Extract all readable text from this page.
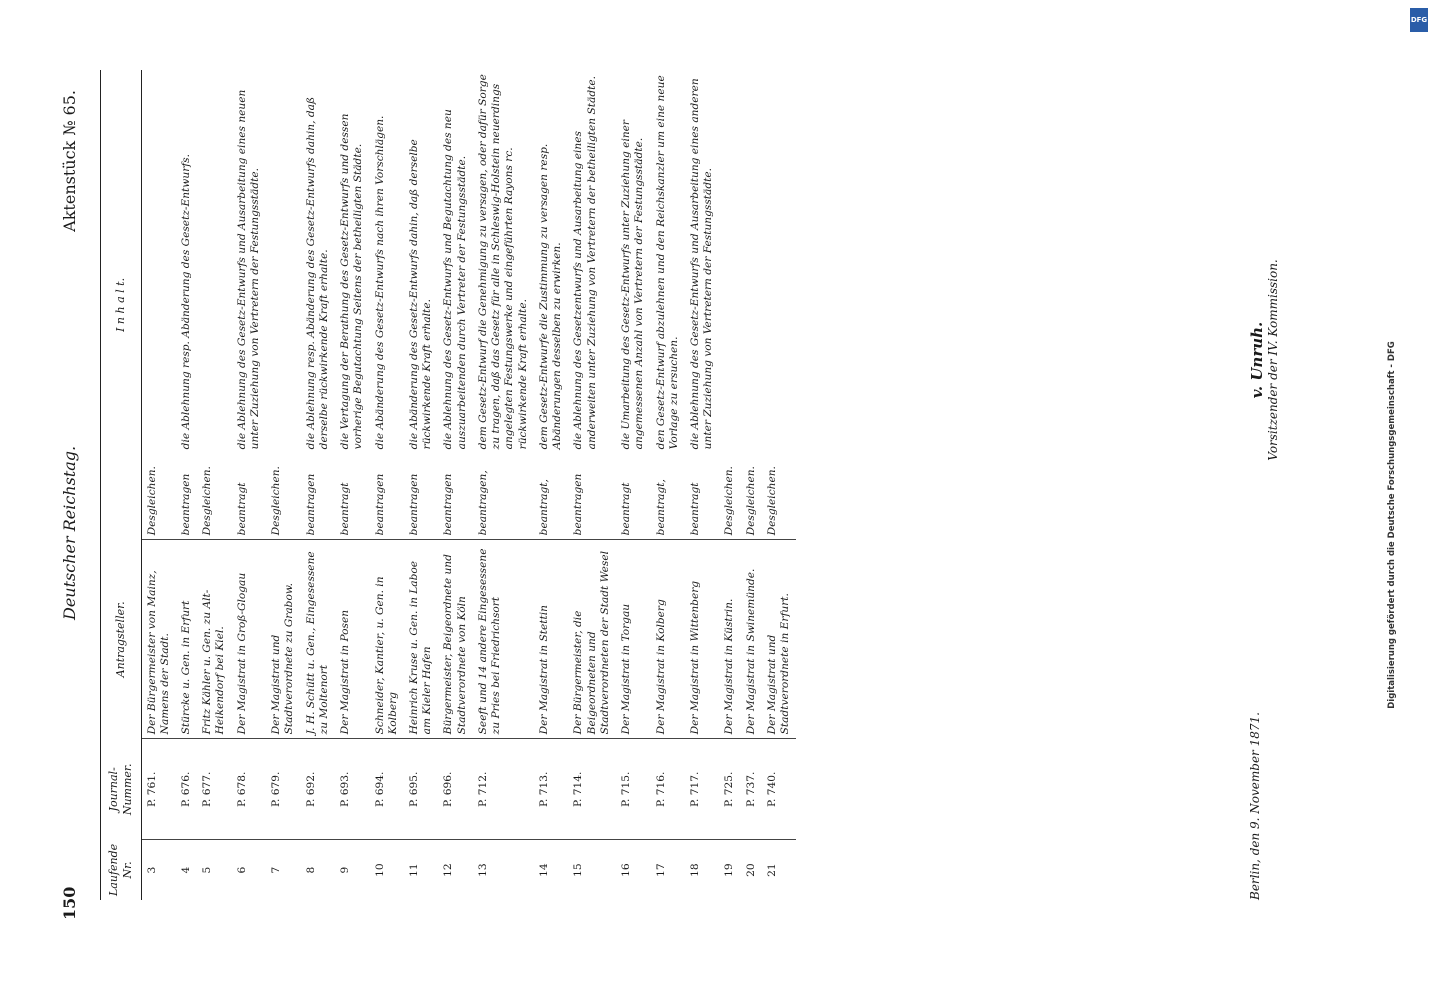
150
Deutscher Reichstag.
Aktenstück № 65.
Laufende Nr.	Journal-Nummer.	Antragsteller.	I n h a l t.	
3	P. 761.	Der Bürgermeister von Mainz, Namens der Stadt.	Desgleichen.	
4	P. 676.	Stürcke u. Gen. in Erfurt	beantragen	die Ablehnung resp. Abänderung des Gesetz-Entwurfs.
5	P. 677.	Fritz Kähler u. Gen. zu Alt-Heikendorf bei Kiel.	Desgleichen.	
6	P. 678.	Der Magistrat in Groß-Glogau	beantragt	die Ablehnung des Gesetz-Entwurfs und Ausarbeitung eines neuen unter Zuziehung von Vertretern der Festungsstädte.
7	P. 679.	Der Magistrat und Stadtverordnete zu Grabow.	Desgleichen.	
8	P. 692.	J. H. Schütt u. Gen., Eingesessene zu Moltenort	beantragen	die Ablehnung resp. Abänderung des Gesetz-Entwurfs dahin, daß derselbe rückwirkende Kraft erhalte.
9	P. 693.	Der Magistrat in Posen	beantragt	die Vertagung der Berathung des Gesetz-Entwurfs und dessen vorherige Begutachtung Seitens der betheiligten Städte.
10	P. 694.	Schneider, Kantier, u. Gen. in Kolberg	beantragen	die Abänderung des Gesetz-Entwurfs nach ihren Vorschlägen.
11	P. 695.	Heinrich Kruse u. Gen. in Laboe am Kieler Hafen	beantragen	die Abänderung des Gesetz-Entwurfs dahin, daß derselbe rückwirkende Kraft erhalte.
12	P. 696.	Bürgermeister, Beigeordnete und Stadtverordnete von Köln	beantragen	die Ablehnung des Gesetz-Entwurfs und Begutachtung des neu auszuarbeitenden durch Vertreter der Festungsstädte.
13	P. 712.	Seeft und 14 andere Eingesessene zu Pries bei Friedrichsort	beantragen,	dem Gesetz-Entwurf die Genehmigung zu versagen, oder dafür Sorge zu tragen, daß das Gesetz für alle in Schleswig-Holstein neuerdings angelegten Festungswerke und eingeführten Rayons rc. rückwirkende Kraft erhalte.
14	P. 713.	Der Magistrat in Stettin	beantragt,	dem Gesetz-Entwurfe die Zustimmung zu versagen resp. Abänderungen desselben zu erwirken.
15	P. 714.	Der Bürgermeister, die Beigeordneten und Stadtverordneten der Stadt Wesel	beantragen	die Ablehnung des Gesetzentwurfs und Ausarbeitung eines anderweiten unter Zuziehung von Vertretern der betheiligten Städte.
16	P. 715.	Der Magistrat in Torgau	beantragt	die Umarbeitung des Gesetz-Entwurfs unter Zuziehung einer angemessenen Anzahl von Vertretern der Festungsstädte.
17	P. 716.	Der Magistrat in Kolberg	beantragt,	den Gesetz-Entwurf abzulehnen und den Reichskanzler um eine neue Vorlage zu ersuchen.
18	P. 717.	Der Magistrat in Wittenberg	beantragt	die Ablehnung des Gesetz-Entwurfs und Ausarbeitung eines anderen unter Zuziehung von Vertretern der Festungsstädte.
19	P. 725.	Der Magistrat in Küstrin.	Desgleichen.	
20	P. 737.	Der Magistrat in Swinemünde.	Desgleichen.	
21	P. 740.	Der Magistrat und Stadtverordnete in Erfurt.	Desgleichen.	
Berlin, den 9. November 1871.
v. Unruh. Vorsitzender der IV. Kommission.	Digitalisierung gefördert durch die Deutsche Forschungsgemeinschaft - DFG
DFG
